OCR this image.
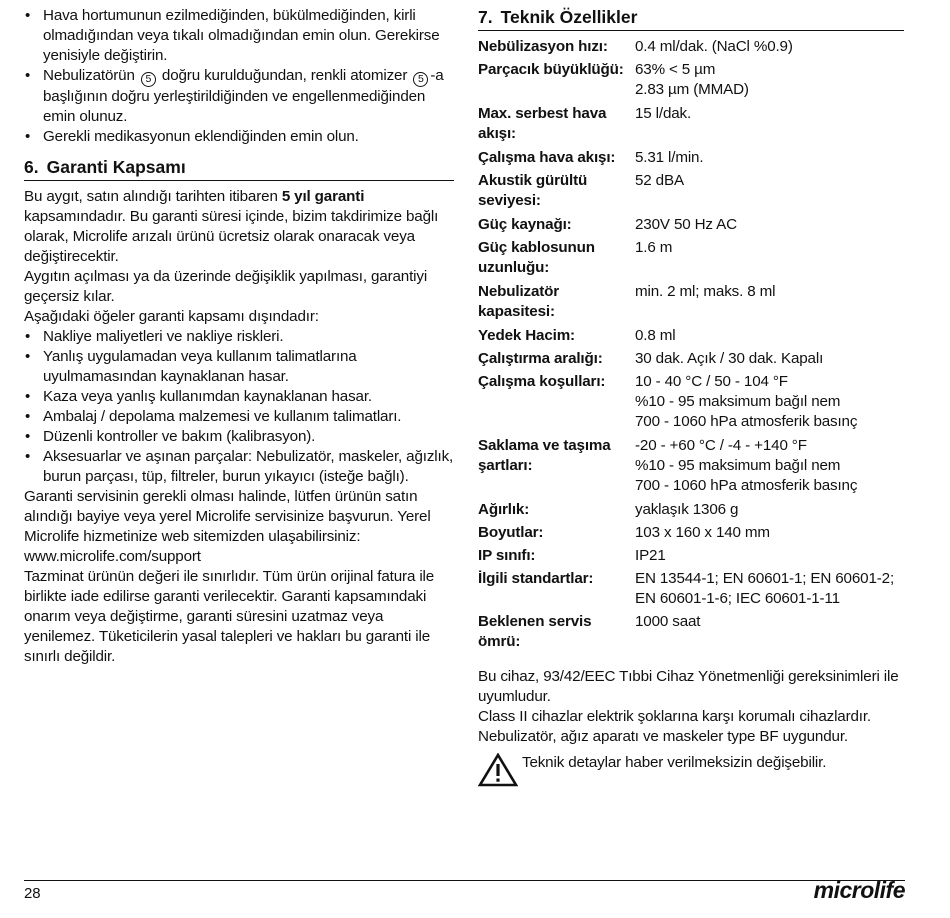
• Hava hortumunun ezilmediğinden, bükülmediğinden, kirli olmadığından veya tıkalı olmadığından emin olun. Gerekirse yenisiyle değiştirin.
• Nebulizatörün 5 doğru kurulduğundan, renkli atomizer 5 -a başlığının doğru yerleştirildiğinden ve engellenmediğinden emin olunuz.
• Gerekli medikasyonun eklendiğinden emin olun.
6. Garanti Kapsamı

Bu aygıt, satın alındığı tarihten itibaren 5 yıl garanti kapsamındadır. Bu garanti süresi içinde, bizim takdirimize bağlı olarak, Microlife arızalı ürünü ücretsiz olarak onaracak veya değiştirecektir.

Aygıtın açılması ya da üzerinde değişiklik yapılması, garantiyi geçersiz kılar.

Aşağıdaki öğeler garanti kapsamı dışındadır:

• Nakliye maliyetleri ve nakliye riskleri.
• Yanlış uygulamadan veya kullanım talimatlarına uyulmamasından kaynaklanan hasar.
• Kaza veya yanlış kullanımdan kaynaklanan hasar.
• Ambalaj / depolama malzemesi ve kullanım talimatları.
• Düzenli kontroller ve bakım (kalibrasyon).
• Aksesuarlar ve aşınan parçalar: Nebulizatör, maskeler, ağızlık, burun parçası, tüp, filtreler, burun yıkayıcı (isteğe bağlı).

Garanti servisinin gerekli olması halinde, lütfen ürünün satın alındığı bayiye veya yerel Microlife servisinize başvurun. Yerel Microlife hizmetinize web sitemizden ulaşabilirsiniz:

www.microlife.com/support

Tazminat ürünün değeri ile sınırlıdır. Tüm ürün orijinal fatura ile birlikte iade edilirse garanti verilecektir. Garanti kapsamındaki onarım veya değiştirme, garanti süresini uzatmaz veya yenilemez. Tüketicilerin yasal talepleri ve hakları bu garanti ile sınırlı değildir.

7. Teknik Özellikler
Nebülizasyon hızı:	0.4 ml/dak. (NaCl %0.9)

Parçacık büyüklüğü:	63% < 5 µm
2.83 µm (MMAD)

Max. serbest hava akışı:	15 l/dak.

Çalışma hava akışı:	5.31 l/min.

Akustik gürültü seviyesi:	52 dBA

Güç kaynağı:	230V 50 Hz AC

Güç kablosunun uzunluğu:	1.6 m

Nebulizatör kapasitesi:	min. 2 ml; maks. 8 ml

Yedek Hacim:	0.8 ml

Çalıştırma aralığı:	30 dak. Açık / 30 dak. Kapalı

Çalışma koşulları:	10 - 40 °C / 50 - 104 °F
%10 - 95 maksimum bağıl nem
700 - 1060 hPa atmosferik basınç

Saklama ve taşıma şartları:	-20 - +60 °C / -4 - +140 °F
%10 - 95 maksimum bağıl nem
700 - 1060 hPa atmosferik basınç

Ağırlık:	yaklaşık 1306 g

Boyutlar:	103 x 160 x 140 mm

IP sınıfı:	IP21

İlgili standartlar:	EN 13544-1; EN 60601-1; EN 60601-2; EN 60601-1-6; IEC 60601-1-11

Beklenen servis ömrü:	1000 saat

Bu cihaz, 93/42/EEC Tıbbi Cihaz Yönetmenliği gereksinimleri ile uyumludur.

Class II cihazlar elektrik şoklarına karşı korumalı cihazlardır.

Nebulizatör, ağız aparatı ve maskeler type BF uygundur.

Teknik detaylar haber verilmeksizin değişebilir.
28	microlife
